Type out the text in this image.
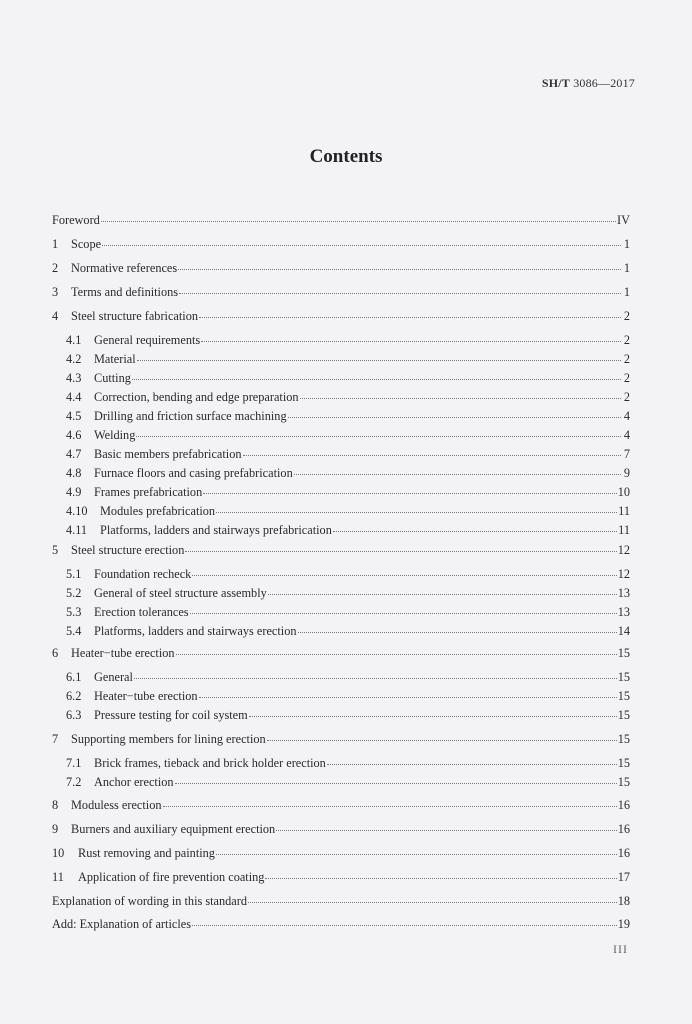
SH/T 3086—2017
Contents
Foreword	IV
1	Scope	1
2	Normative references	1
3	Terms and definitions	1
4	Steel structure fabrication	2
4.1	General requirements	2
4.2	Material	2
4.3	Cutting	2
4.4	Correction, bending and edge preparation	2
4.5	Drilling and friction surface machining	4
4.6	Welding	4
4.7	Basic members prefabrication	7
4.8	Furnace floors and casing prefabrication	9
4.9	Frames prefabrication	10
4.10	Modules prefabrication	11
4.11	Platforms, ladders and stairways prefabrication	11
5	Steel structure erection	12
5.1	Foundation recheck	12
5.2	General of steel structure assembly	13
5.3	Erection tolerances	13
5.4	Platforms, ladders and stairways erection	14
6	Heater−tube erection	15
6.1	General	15
6.2	Heater−tube erection	15
6.3	Pressure testing for coil system	15
7	Supporting members for lining erection	15
7.1	Brick frames, tieback and brick holder erection	15
7.2	Anchor erection	15
8	Moduless erection	16
9	Burners and auxiliary equipment erection	16
10	Rust removing and painting	16
11	Application of fire prevention coating	17
Explanation of wording in this standard	18
Add: Explanation of articles	19
III
